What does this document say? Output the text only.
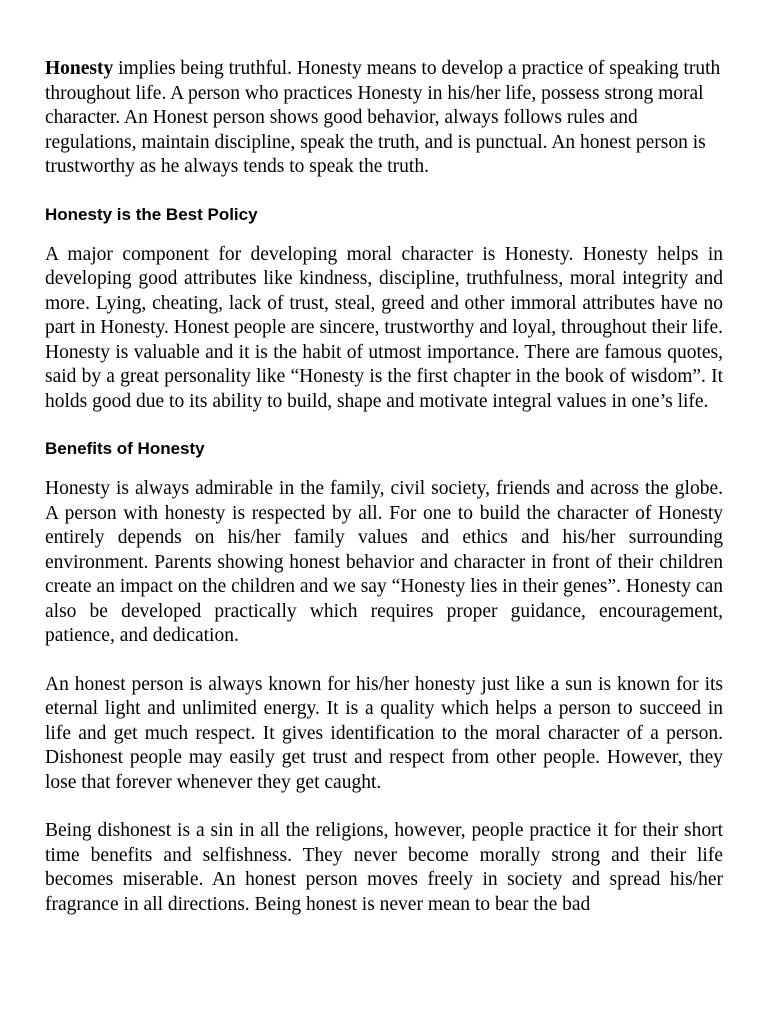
Honesty implies being truthful. Honesty means to develop a practice of speaking truth throughout life. A person who practices Honesty in his/her life, possess strong moral character. An Honest person shows good behavior, always follows rules and regulations, maintain discipline, speak the truth, and is punctual. An honest person is trustworthy as he always tends to speak the truth.

Honesty is the Best Policy

A major component for developing moral character is Honesty. Honesty helps in developing good attributes like kindness, discipline, truthfulness, moral integrity and more. Lying, cheating, lack of trust, steal, greed and other immoral attributes have no part in Honesty. Honest people are sincere, trustworthy and loyal, throughout their life. Honesty is valuable and it is the habit of utmost importance. There are famous quotes, said by a great personality like “Honesty is the first chapter in the book of wisdom”. It holds good due to its ability to build, shape and motivate integral values in one’s life.

Benefits of Honesty

Honesty is always admirable in the family, civil society, friends and across the globe. A person with honesty is respected by all. For one to build the character of Honesty entirely depends on his/her family values and ethics and his/her surrounding environment. Parents showing honest behavior and character in front of their children create an impact on the children and we say “Honesty lies in their genes”. Honesty can also be developed practically which requires proper guidance, encouragement, patience, and dedication.

An honest person is always known for his/her honesty just like a sun is known for its eternal light and unlimited energy. It is a quality which helps a person to succeed in life and get much respect. It gives identification to the moral character of a person. Dishonest people may easily get trust and respect from other people. However, they lose that forever whenever they get caught.

Being dishonest is a sin in all the religions, however, people practice it for their short time benefits and selfishness. They never become morally strong and their life becomes miserable. An honest person moves freely in society and spread his/her fragrance in all directions. Being honest is never mean to bear the bad
